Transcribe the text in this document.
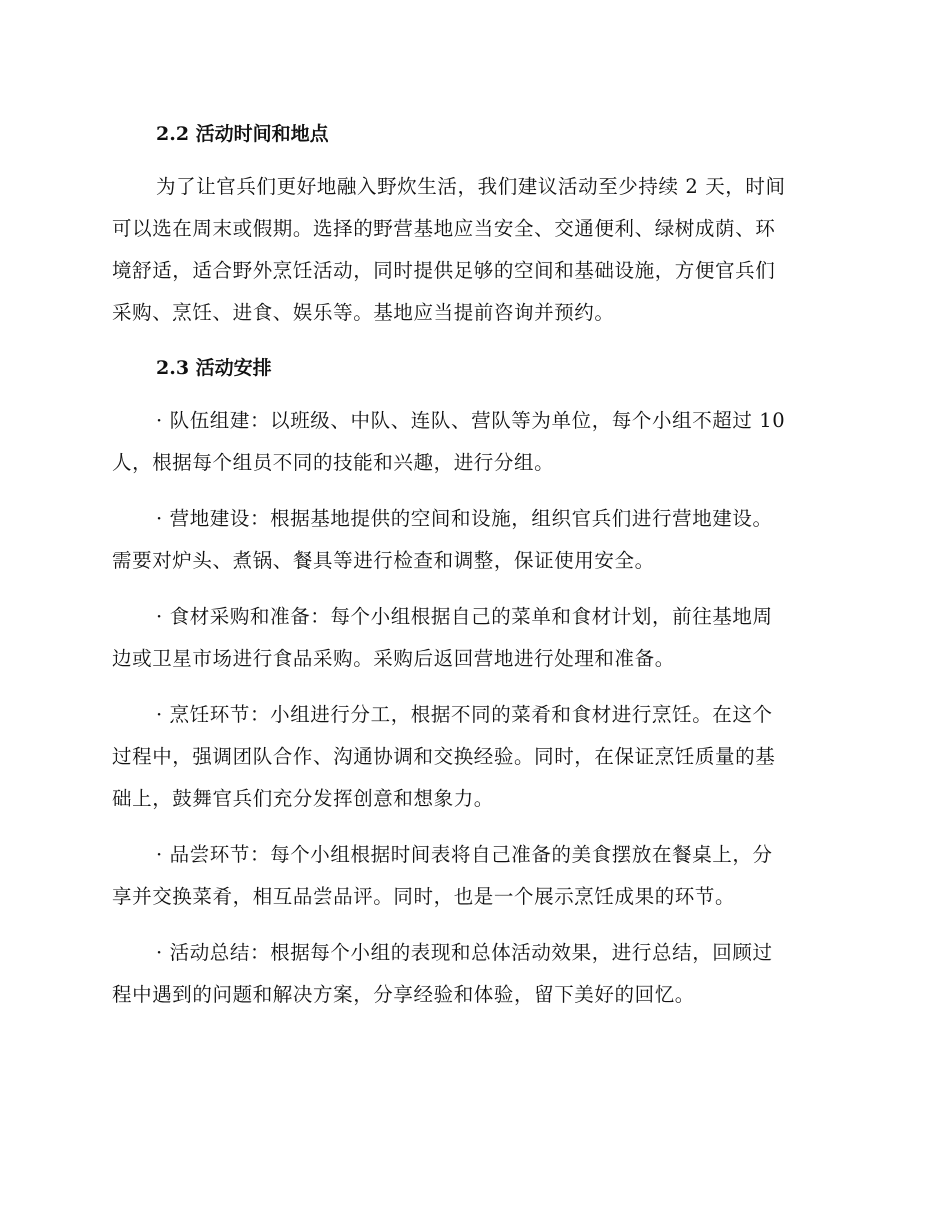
2.2 活动时间和地点
为了让官兵们更好地融入野炊生活，我们建议活动至少持续 2 天，时间
可以选在周末或假期。选择的野营基地应当安全、交通便利、绿树成荫、环
境舒适，适合野外烹饪活动，同时提供足够的空间和基础设施，方便官兵们
采购、烹饪、进食、娱乐等。基地应当提前咨询并预约。
2.3 活动安排
· 队伍组建：以班级、中队、连队、营队等为单位，每个小组不超过 10
人，根据每个组员不同的技能和兴趣，进行分组。
· 营地建设：根据基地提供的空间和设施，组织官兵们进行营地建设。
需要对炉头、煮锅、餐具等进行检查和调整，保证使用安全。
· 食材采购和准备：每个小组根据自己的菜单和食材计划，前往基地周
边或卫星市场进行食品采购。采购后返回营地进行处理和准备。
· 烹饪环节：小组进行分工，根据不同的菜肴和食材进行烹饪。在这个
过程中，强调团队合作、沟通协调和交换经验。同时，在保证烹饪质量的基
础上，鼓舞官兵们充分发挥创意和想象力。
· 品尝环节：每个小组根据时间表将自己准备的美食摆放在餐桌上，分
享并交换菜肴，相互品尝品评。同时，也是一个展示烹饪成果的环节。
· 活动总结：根据每个小组的表现和总体活动效果，进行总结，回顾过
程中遇到的问题和解决方案，分享经验和体验，留下美好的回忆。
